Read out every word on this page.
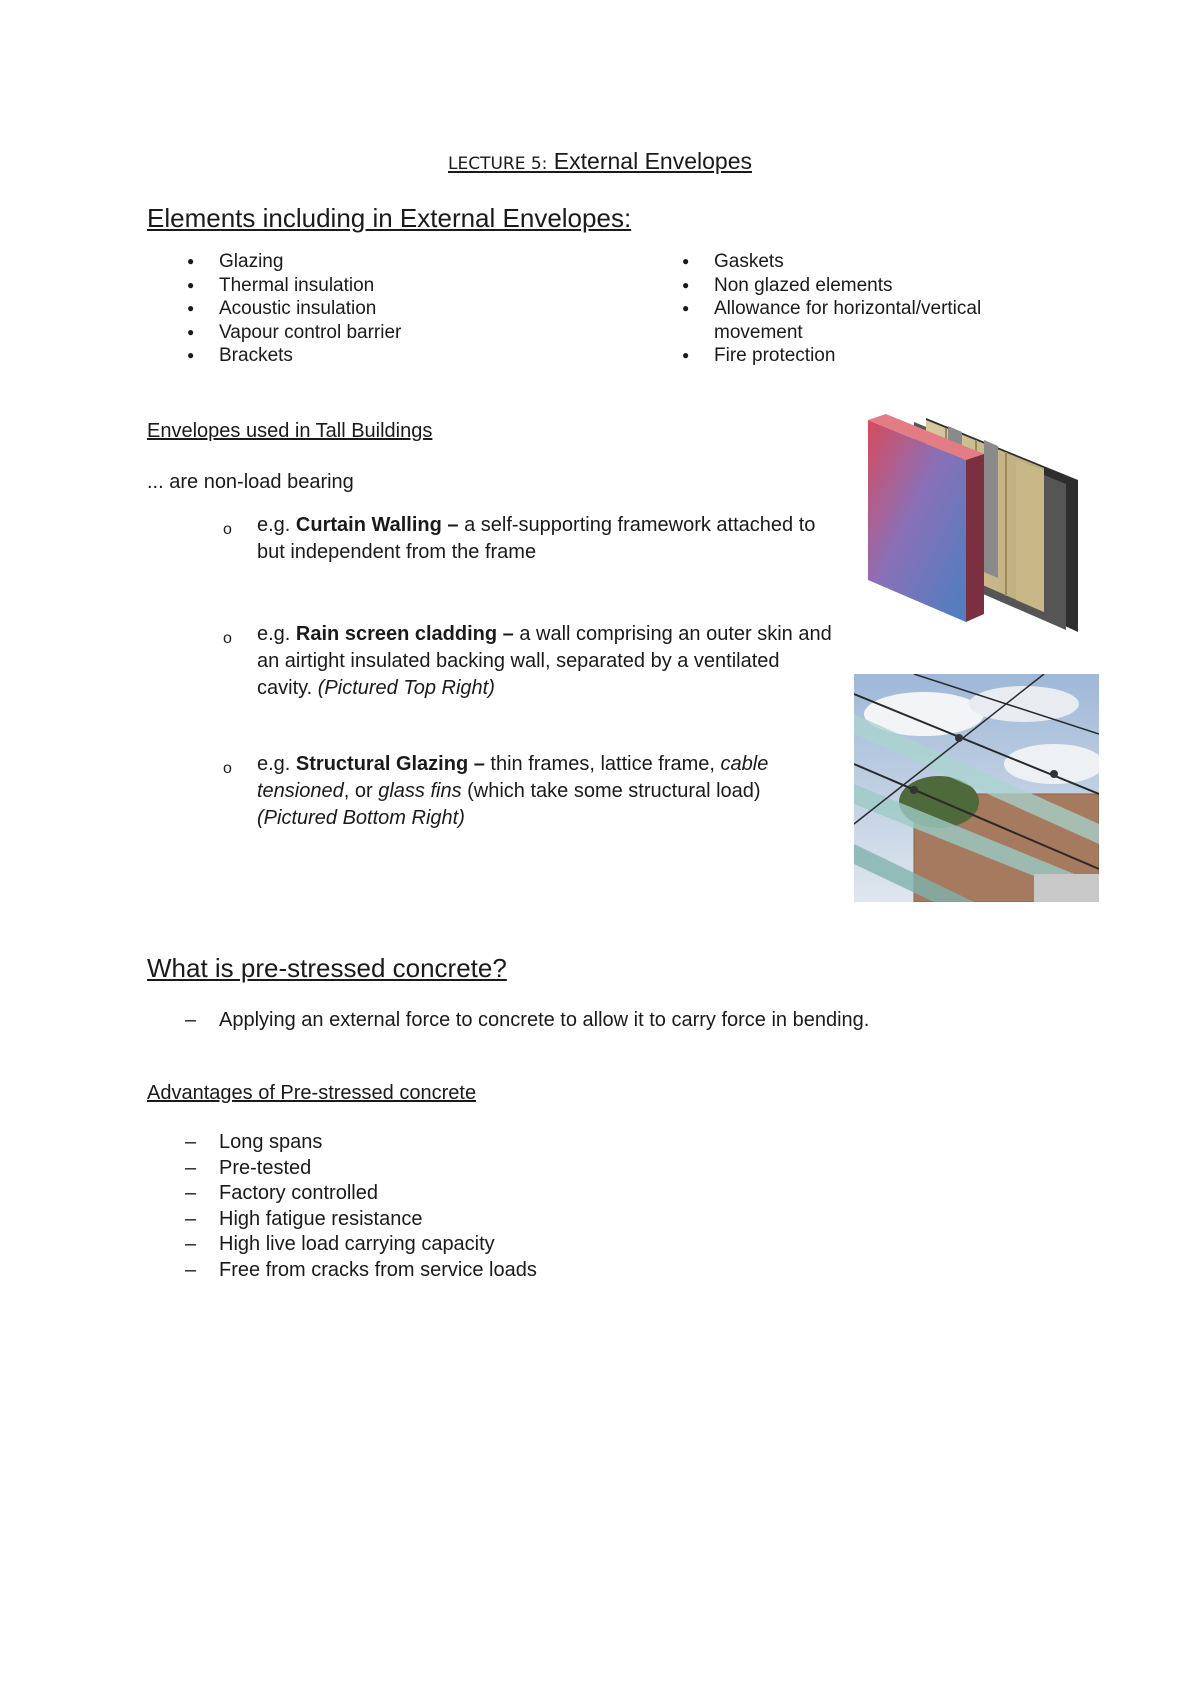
LECTURE 5: External Envelopes
Elements including in External Envelopes:
● Glazing
● Thermal insulation
● Acoustic insulation
● Vapour control barrier
● Brackets
● Gaskets
● Non glazed elements
● Allowance for horizontal/vertical movement
● Fire protection
Envelopes used in Tall Buildings
... are non-load bearing
o e.g. Curtain Walling – a self-supporting framework attached to but independent from the frame
o e.g. Rain screen cladding – a wall comprising an outer skin and an airtight insulated backing wall, separated by a ventilated cavity. (Pictured Top Right)
o e.g. Structural Glazing – thin frames, lattice frame, cable tensioned, or glass fins (which take some structural load) (Pictured Bottom Right)
What is pre-stressed concrete?
– Applying an external force to concrete to allow it to carry force in bending.
Advantages of Pre-stressed concrete
– Long spans
– Pre-tested
– Factory controlled
– High fatigue resistance
– High live load carrying capacity
– Free from cracks from service loads
